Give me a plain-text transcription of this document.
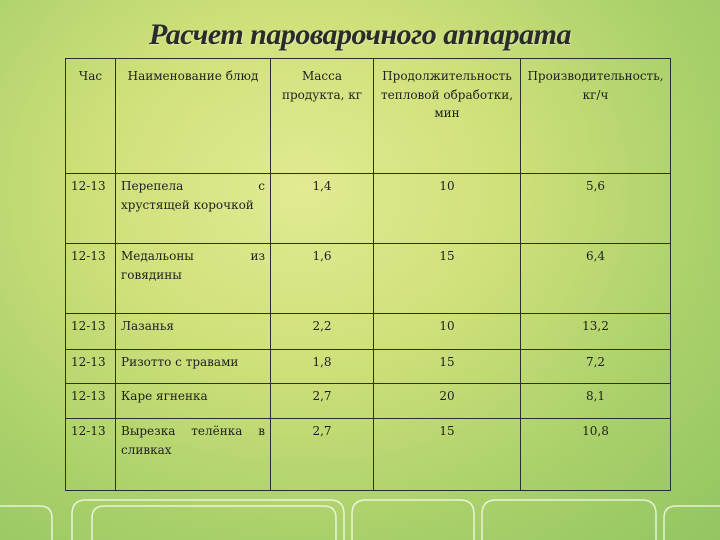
Расчет пароварочного аппарата
Час	Наименование блюд	Масса продукта, кг	Продолжительность тепловой обработки, мин	Производительность, кг/ч
12-13	Перепела с хрустящей корочкой	1,4	10	5,6
12-13	Медальоны из говядины	1,6	15	6,4
12-13	Лазанья	2,2	10	13,2
12-13	Ризотто с травами	1,8	15	7,2
12-13	Каре ягненка	2,7	20	8,1
12-13	Вырезка телёнка в сливках	2,7	15	10,8
